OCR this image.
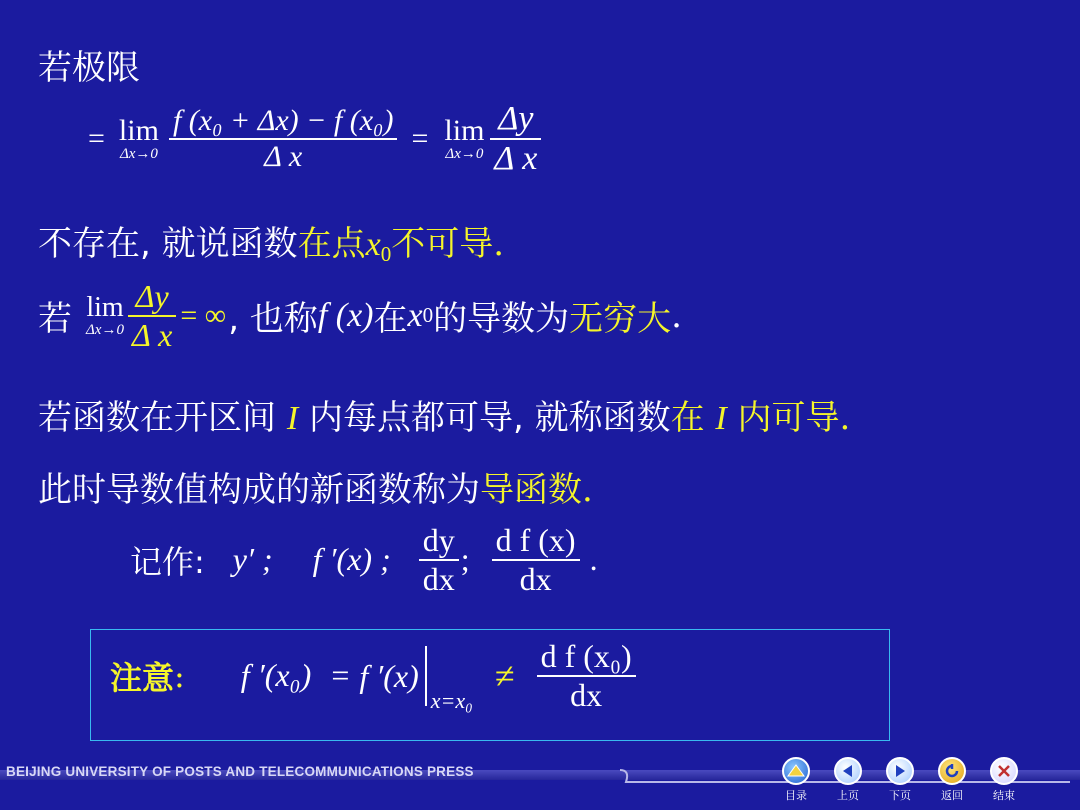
若极限
= lim
$\Delta x\to 0 \frac{\text{f (x₀ + Δx) − f (x₀)}}{\text{Δ x}} = \lim$
$\Delta x\to 0 \frac{\Delta y}{\text{Δ x}}$
不存在, 就说函数在点$x_0$不可导.
若 lim
$\Delta x\to 0 \frac{\Delta y}{\text{Δ x}}$ = ∞ , 也称 f (x) 在 x 0 的导数为 无穷大 .
若函数在开区间 I 内每点都可导, 就称函数在 I 内可导.
此时导数值构成的新函数称为导函数.
记作: y′ ; f ′(x) ; $\frac{dy}{dx}$ ; $\frac{\text{d f (x)}}{dx}$ .
注意 : f ′(x₀) = f ′(x)
x=x₀
≠ $\frac{\text{d f (x₀)}}{dx}$
BEIJING UNIVERSITY OF POSTS AND TELECOMMUNICATIONS PRESS
目录	上页	下页	返回	结束
